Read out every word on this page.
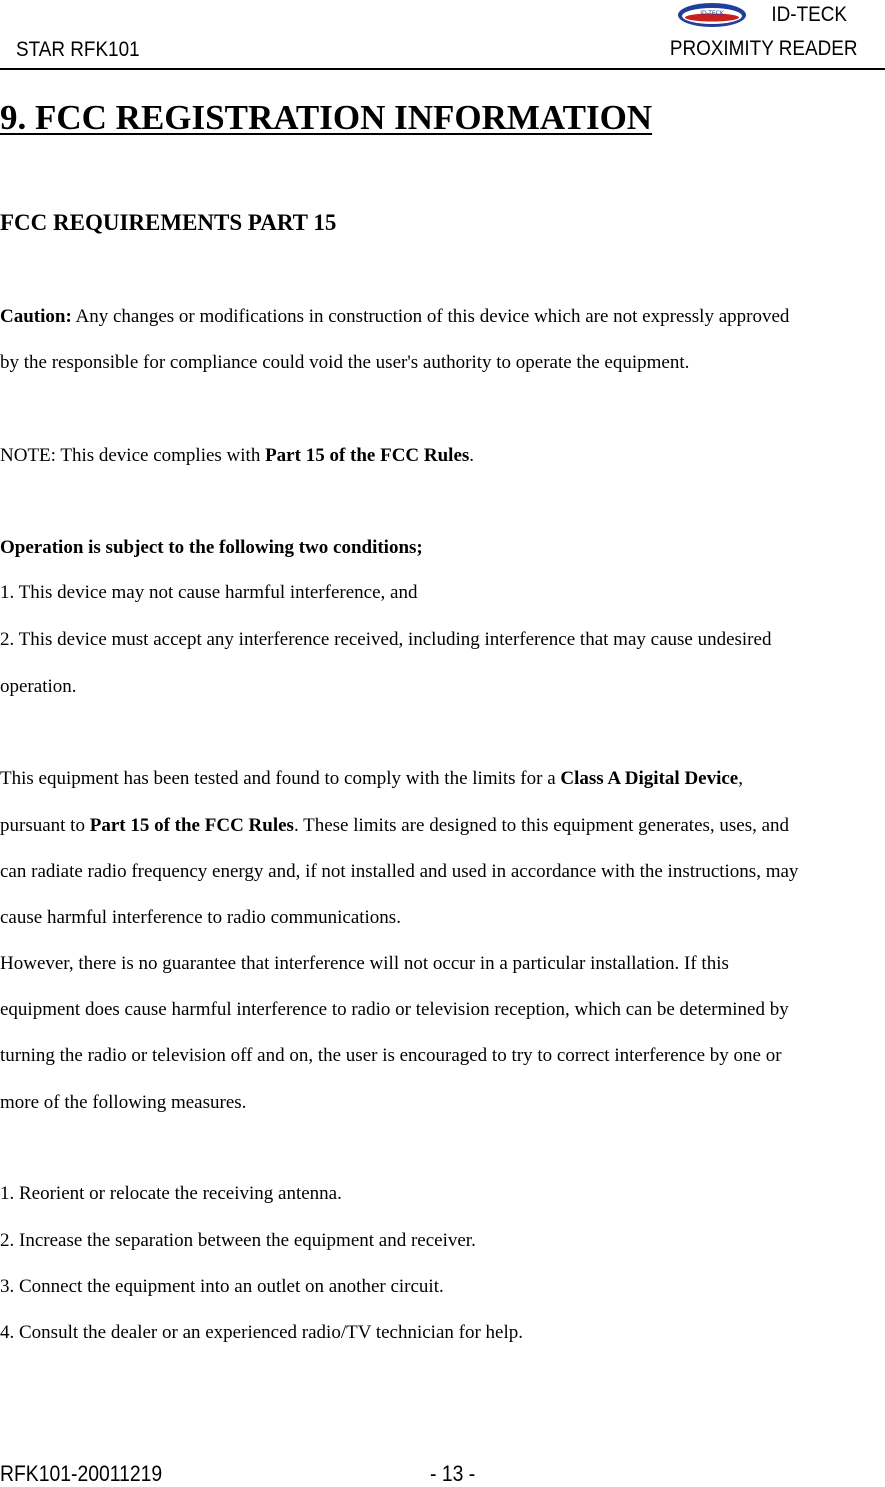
ID-TECK
STAR RFK101
ID-TECK
PROXIMITY READER
9. FCC REGISTRATION INFORMATION
FCC REQUIREMENTS PART 15
Caution: Any changes or modifications in construction of this device which are not expressly approved
by the responsible for compliance could void the user's authority to operate the equipment.
NOTE: This device complies with Part 15 of the FCC Rules.
Operation is subject to the following two conditions;
1. This device may not cause harmful interference, and
2. This device must accept any interference received, including interference that may cause undesired
operation.
This equipment has been tested and found to comply with the limits for a Class A Digital Device,
pursuant to Part 15 of the FCC Rules. These limits are designed to this equipment generates, uses, and
can radiate radio frequency energy and, if not installed and used in accordance with the instructions, may
cause harmful interference to radio communications.
However, there is no guarantee that interference will not occur in a particular installation. If this
equipment does cause harmful interference to radio or television reception, which can be determined by
turning the radio or television off and on, the user is encouraged to try to correct interference by one or
more of the following measures.
1. Reorient or relocate the receiving antenna.
2. Increase the separation between the equipment and receiver.
3. Connect the equipment into an outlet on another circuit.
4. Consult the dealer or an experienced radio/TV technician for help.
RFK101-20011219	- 13 -
